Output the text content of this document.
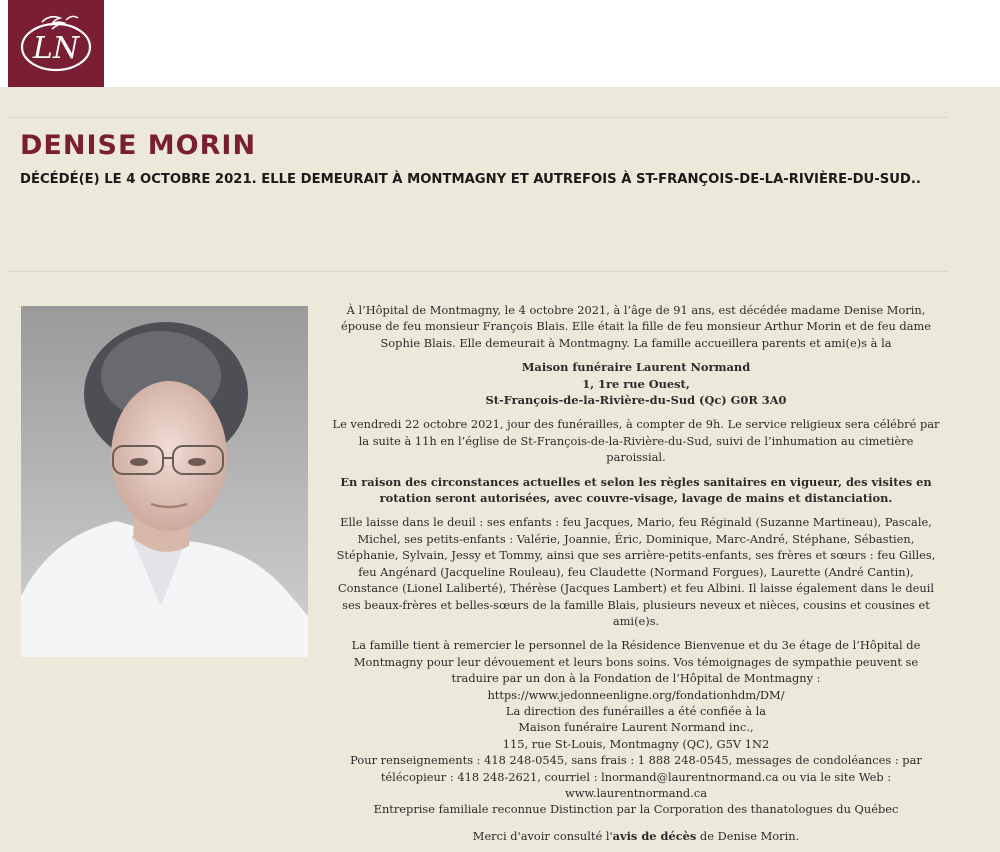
LN
DENISE MORIN
DÉCÉDÉ(E) LE 4 OCTOBRE 2021. ELLE DEMEURAIT À MONTMAGNY ET AUTREFOIS À ST-FRANÇOIS-DE-LA-RIVIÈRE-DU-SUD..

À l’Hôpital de Montmagny, le 4 octobre 2021, à l’âge de 91 ans, est décédée madame Denise Morin, épouse de feu monsieur François Blais. Elle était la fille de feu monsieur Arthur Morin et de feu dame Sophie Blais. Elle demeurait à Montmagny. La famille accueillera parents et ami(e)s à la

Maison funéraire Laurent Normand
1, 1re rue Ouest,
St-François-de-la-Rivière-du-Sud (Qc) G0R 3A0

Le vendredi 22 octobre 2021, jour des funérailles, à compter de 9h. Le service religieux sera célébré par la suite à 11h en l’église de St-François-de-la-Rivière-du-Sud, suivi de l’inhumation au cimetière paroissial.

En raison des circonstances actuelles et selon les règles sanitaires en vigueur, des visites en rotation seront autorisées, avec couvre-visage, lavage de mains et distanciation.

Elle laisse dans le deuil : ses enfants : feu Jacques, Mario, feu Réginald (Suzanne Martineau), Pascale, Michel, ses petits-enfants : Valérie, Joannie, Éric, Dominique, Marc-André, Stéphane, Sébastien, Stéphanie, Sylvain, Jessy et Tommy, ainsi que ses arrière-petits-enfants, ses frères et sœurs : feu Gilles, feu Angénard (Jacqueline Rouleau), feu Claudette (Normand Forgues), Laurette (André Cantin), Constance (Lionel Laliberté), Thérèse (Jacques Lambert) et feu Albini. Il laisse également dans le deuil ses beaux-frères et belles-sœurs de la famille Blais, plusieurs neveux et nièces, cousins et cousines et ami(e)s.

La famille tient à remercier le personnel de la Résidence Bienvenue et du 3e étage de l’Hôpital de Montmagny pour leur dévouement et leurs bons soins. Vos témoignages de sympathie peuvent se traduire par un don à la Fondation de l’Hôpital de Montmagny : https://www.jedonneenligne.org/fondationhdm/DM/
La direction des funérailles a été confiée à la
Maison funéraire Laurent Normand inc.,
115, rue St-Louis, Montmagny (QC), G5V 1N2
Pour renseignements : 418 248-0545, sans frais : 1 888 248-0545, messages de condoléances : par télécopieur : 418 248-2621, courriel : lnormand@laurentnormand.ca ou via le site Web : www.laurentnormand.ca
Entreprise familiale reconnue Distinction par la Corporation des thanatologues du Québec

Merci d'avoir consulté l'avis de décès de Denise Morin.
